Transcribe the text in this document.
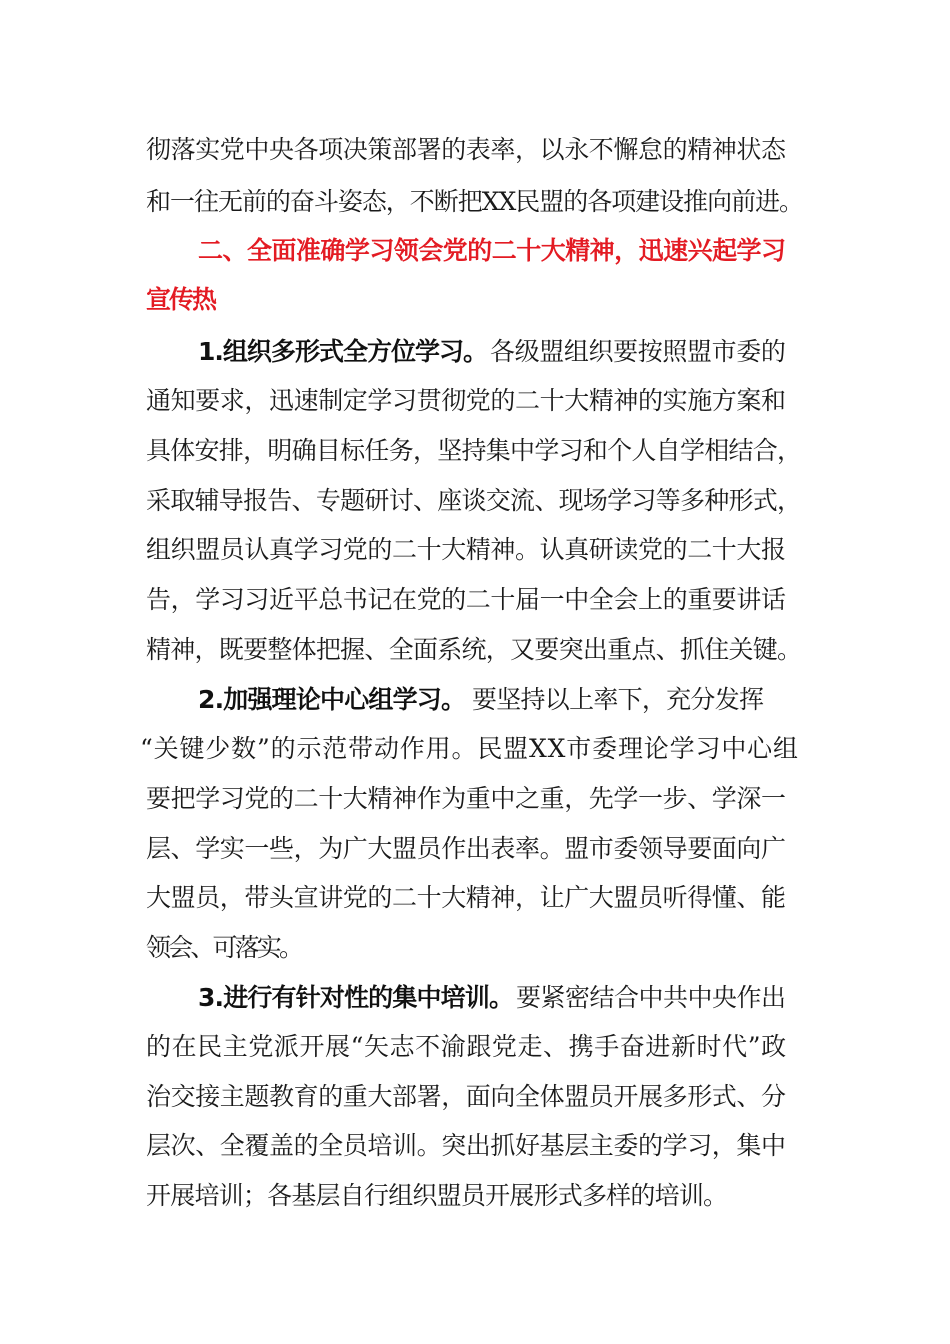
彻落实党中央各项决策部署的表率，以永不懈怠的精神状态
和一往无前的奋斗姿态，不断把XX民盟的各项建设推向前进。
二、全面准确学习领会党的二十大精神，迅速兴起学习
宣传热
1.组织多形式全方位学习。 各级盟组织要按照盟市委的
通知要求，迅速制定学习贯彻党的二十大精神的实施方案和
具体安排，明确目标任务，坚持集中学习和个人自学相结合，
采取辅导报告、专题研讨、座谈交流、现场学习等多种形式，
组织盟员认真学习党的二十大精神。认真研读党的二十大报
告，学习习近平总书记在党的二十届一中全会上的重要讲话
精神，既要整体把握、全面系统，又要突出重点、抓住关键。
2.加强理论中心组学习。 要坚持以上率下，充分发挥
“关键少数”的示范带动作用。民盟XX市委理论学习中心组
要把学习党的二十大精神作为重中之重，先学一步、学深一
层、学实一些，为广大盟员作出表率。盟市委领导要面向广
大盟员，带头宣讲党的二十大精神，让广大盟员听得懂、能
领会、可落实。
3.进行有针对性的集中培训。 要紧密结合中共中央作出
的在民主党派开展“矢志不渝跟党走、携手奋进新时代”政
治交接主题教育的重大部署，面向全体盟员开展多形式、分
层次、全覆盖的全员培训。突出抓好基层主委的学习，集中
开展培训；各基层自行组织盟员开展形式多样的培训。
